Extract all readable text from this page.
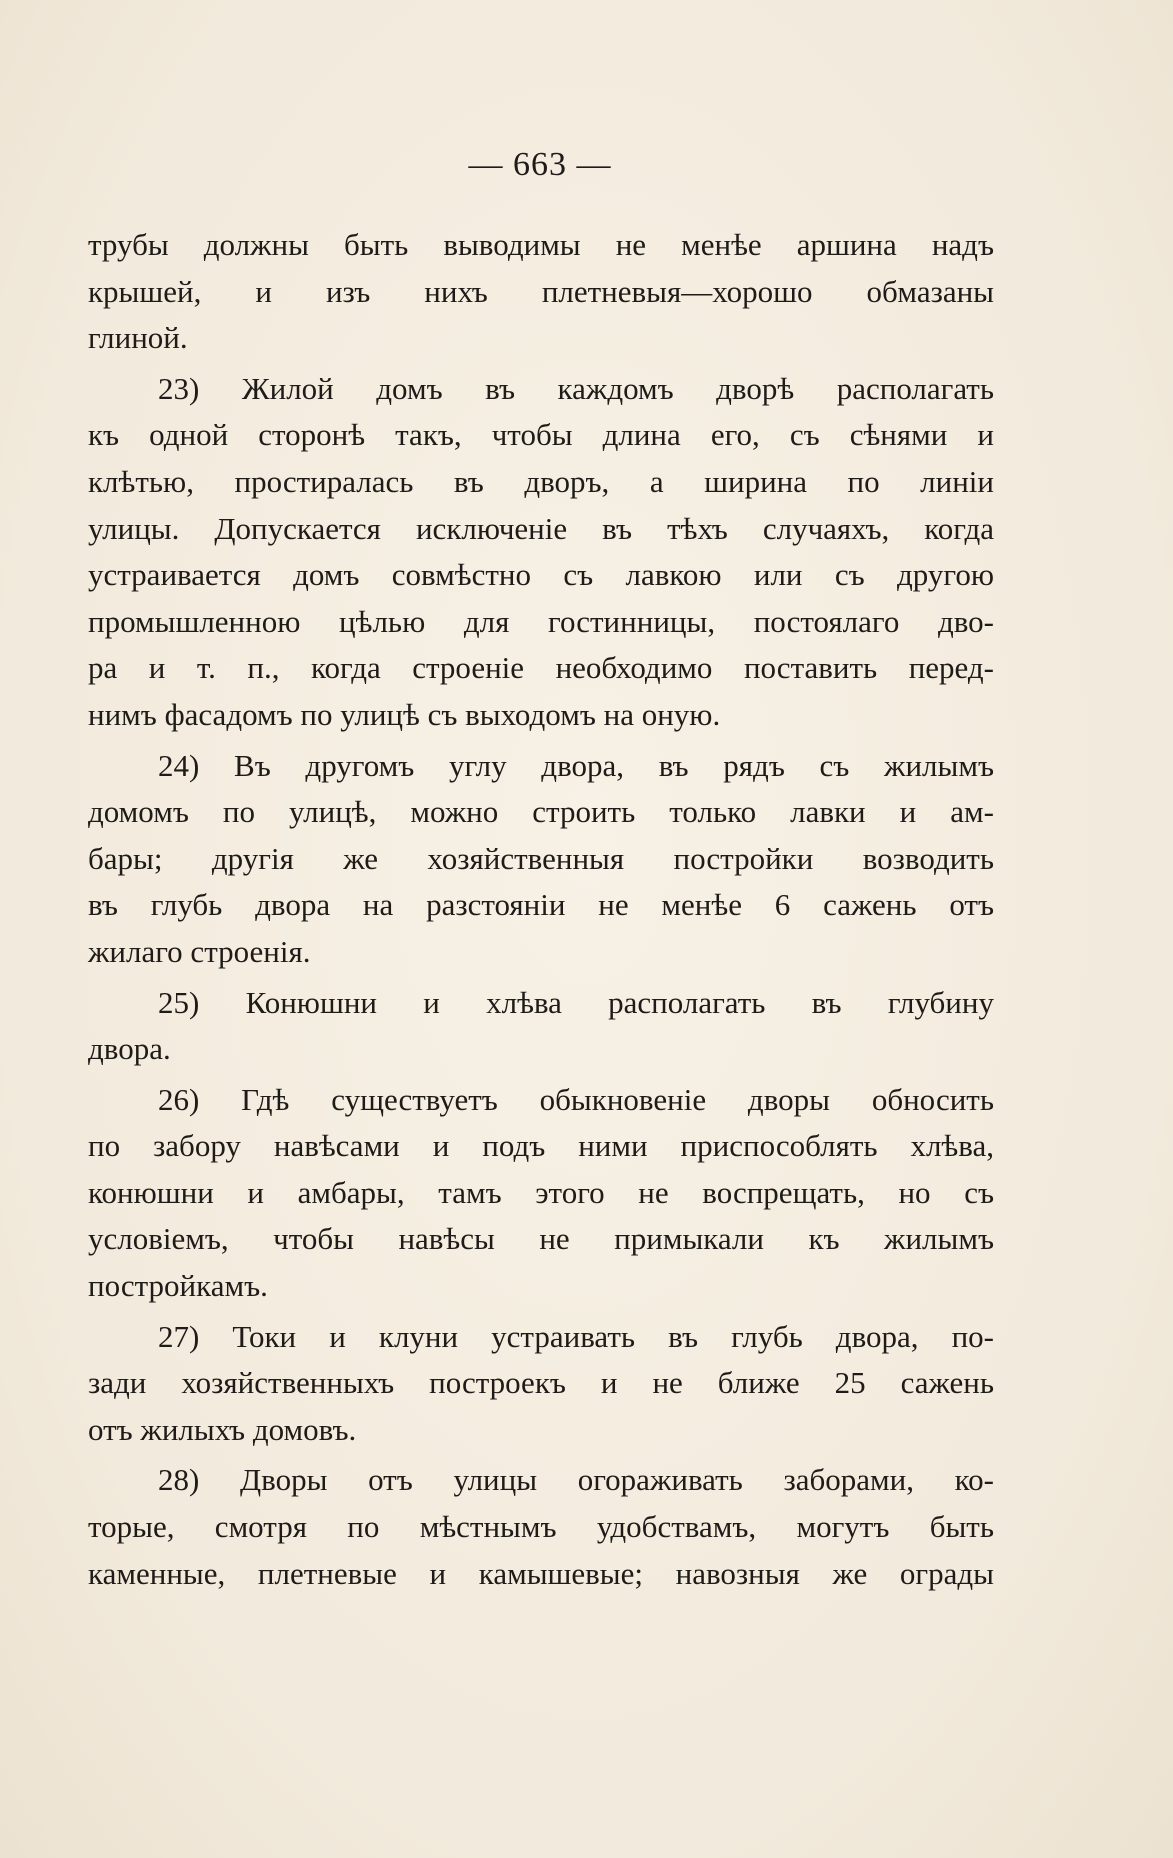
— 663 —
трубы должны быть выводимы не менѣе аршина надъ
крышей, и изъ нихъ плетневыя—хорошо обмазаны
глиной.
23) Жилой домъ въ каждомъ дворѣ располагать
къ одной сторонѣ такъ, чтобы длина его, съ сѣнями и
клѣтью, простиралась въ дворъ, а ширина по линіи
улицы. Допускается исключеніе въ тѣхъ случаяхъ, когда
устраивается домъ совмѣстно съ лавкою или съ другою
промышленною цѣлью для гостинницы, постоялаго дво-
ра и т. п., когда строеніе необходимо поставить перед-
нимъ фасадомъ по улицѣ съ выходомъ на оную.
24) Въ другомъ углу двора, въ рядъ съ жилымъ
домомъ по улицѣ, можно строить только лавки и ам-
бары; другія же хозяйственныя постройки возводить
въ глубь двора на разстояніи не менѣе 6 сажень отъ
жилаго строенія.
25) Конюшни и хлѣва располагать въ глубину
двора.
26) Гдѣ существуетъ обыкновеніе дворы обносить
по забору навѣсами и подъ ними приспособлять хлѣва,
конюшни и амбары, тамъ этого не воспрещать, но съ
условіемъ, чтобы навѣсы не примыкали къ жилымъ
постройкамъ.
27) Токи и клуни устраивать въ глубь двора, по-
зади хозяйственныхъ построекъ и не ближе 25 сажень
отъ жилыхъ домовъ.
28) Дворы отъ улицы огораживать заборами, ко-
торые, смотря по мѣстнымъ удобствамъ, могутъ быть
каменные, плетневые и камышевые; навозныя же ограды
